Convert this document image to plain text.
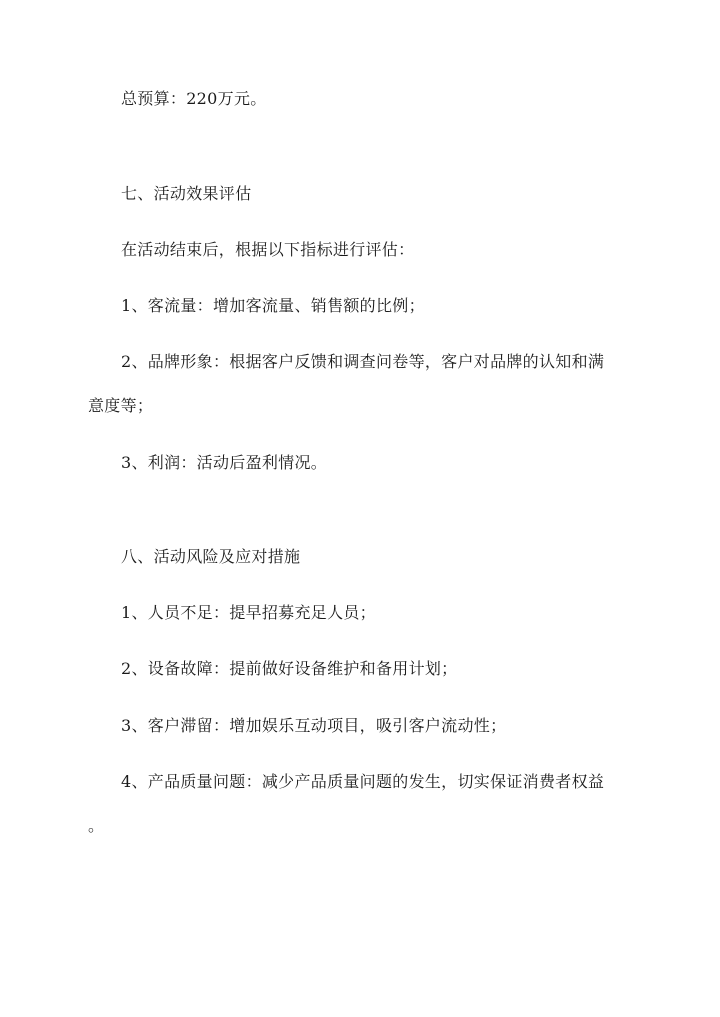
总预算：220万元。
七、活动效果评估
在活动结束后，根据以下指标进行评估：
1、客流量：增加客流量、销售额的比例；
2、品牌形象：根据客户反馈和调查问卷等，客户对品牌的认知和满
意度等；
3、利润：活动后盈利情况。
八、活动风险及应对措施
1、人员不足：提早招募充足人员；
2、设备故障：提前做好设备维护和备用计划；
3、客户滞留：增加娱乐互动项目，吸引客户流动性；
4、产品质量问题：减少产品质量问题的发生，切实保证消费者权益
。
